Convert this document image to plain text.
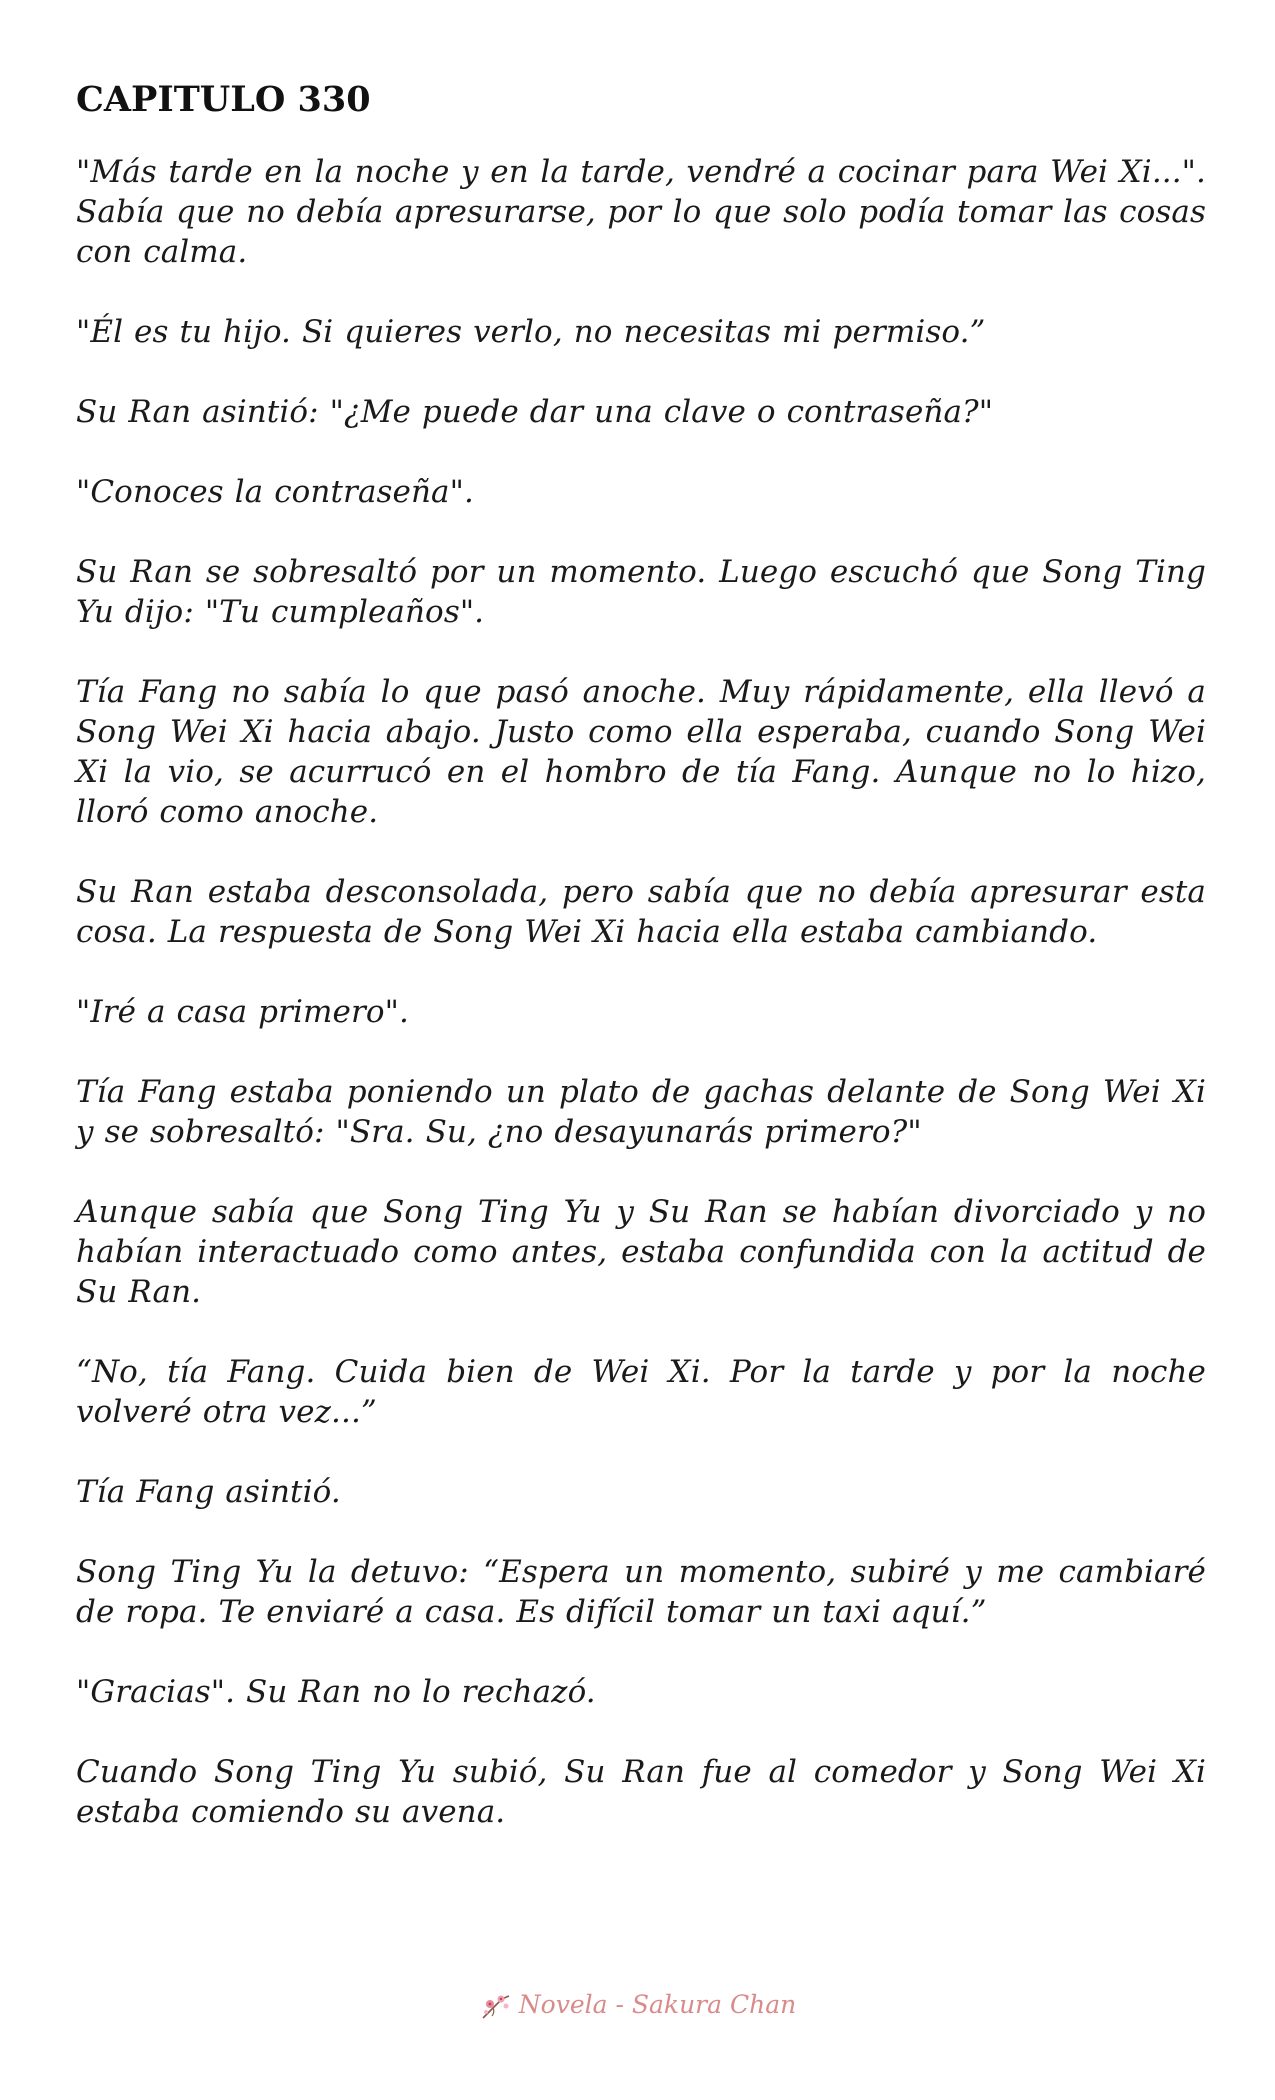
CAPITULO 330

"Más tarde en la noche y en la tarde, vendré a cocinar para Wei Xi...". Sabía que no debía apresurarse, por lo que solo podía tomar las cosas con calma.

"Él es tu hijo. Si quieres verlo, no necesitas mi permiso.”

Su Ran asintió: "¿Me puede dar una clave o contraseña?"

"Conoces la contraseña".

Su Ran se sobresaltó por un momento. Luego escuchó que Song Ting Yu dijo: "Tu cumpleaños".

Tía Fang no sabía lo que pasó anoche. Muy rápidamente, ella llevó a Song Wei Xi hacia abajo. Justo como ella esperaba, cuando Song Wei Xi la vio, se acurrucó en el hombro de tía Fang. Aunque no lo hizo, lloró como anoche.

Su Ran estaba desconsolada, pero sabía que no debía apresurar esta cosa. La respuesta de Song Wei Xi hacia ella estaba cambiando.

"Iré a casa primero".

Tía Fang estaba poniendo un plato de gachas delante de Song Wei Xi y se sobresaltó: "Sra. Su, ¿no desayunarás primero?"

Aunque sabía que Song Ting Yu y Su Ran se habían divorciado y no habían interactuado como antes, estaba confundida con la actitud de Su Ran.

“No, tía Fang. Cuida bien de Wei Xi. Por la tarde y por la noche volveré otra vez...”

Tía Fang asintió.

Song Ting Yu la detuvo: “Espera un momento, subiré y me cambiaré de ropa. Te enviaré a casa. Es difícil tomar un taxi aquí.”

"Gracias". Su Ran no lo rechazó.

Cuando Song Ting Yu subió, Su Ran fue al comedor y Song Wei Xi estaba comiendo su avena.

Novela - Sakura Chan
